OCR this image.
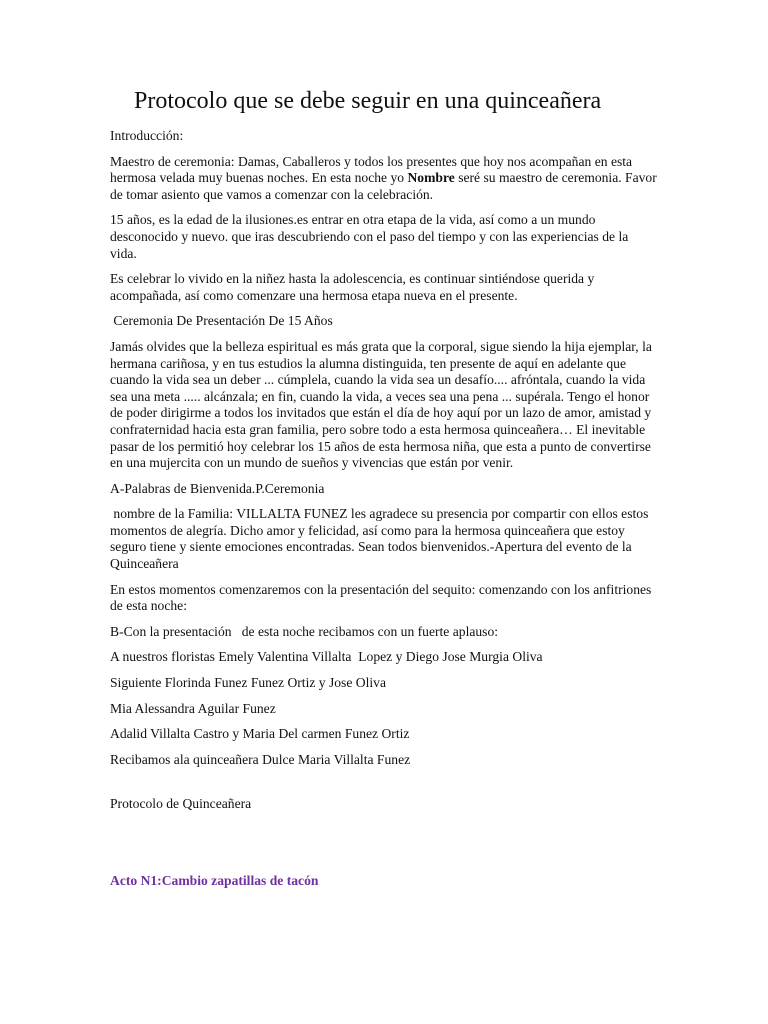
Protocolo que se debe seguir en una quinceañera

Introducción:

Maestro de ceremonia: Damas, Caballeros y todos los presentes que hoy nos acompañan en esta hermosa velada muy buenas noches. En esta noche yo Nombre seré su maestro de ceremonia. Favor de tomar asiento que vamos a comenzar con la celebración.

15 años, es la edad de la ilusiones.es entrar en otra etapa de la vida, así como a un mundo desconocido y nuevo. que iras descubriendo con el paso del tiempo y con las experiencias de la vida.

Es celebrar lo vivido en la niñez hasta la adolescencia, es continuar sintiéndose querida y acompañada, así como comenzare una hermosa etapa nueva en el presente.

Ceremonia De Presentación De 15 Años

Jamás olvides que la belleza espiritual es más grata que la corporal, sigue siendo la hija ejemplar, la hermana cariñosa, y en tus estudios la alumna distinguida, ten presente de aquí en adelante que cuando la vida sea un deber ... cúmplela, cuando la vida sea un desafío.... afróntala, cuando la vida sea una meta ..... alcánzala; en fin, cuando la vida, a veces sea una pena ... supérala. Tengo el honor de poder dirigirme a todos los invitados que están el día de hoy aquí por un lazo de amor, amistad y confraternidad hacia esta gran familia, pero sobre todo a esta hermosa quinceañera… El inevitable pasar de los permitió hoy celebrar los 15 años de esta hermosa niña, que esta a punto de convertirse en una mujercita con un mundo de sueños y vivencias que están por venir.

A-Palabras de Bienvenida.P.Ceremonia

nombre de la Familia: VILLALTA FUNEZ les agradece su presencia por compartir con ellos estos momentos de alegría. Dicho amor y felicidad, así como para la hermosa quinceañera que estoy seguro tiene y siente emociones encontradas. Sean todos bienvenidos.-Apertura del evento de la Quinceañera

En estos momentos comenzaremos con la presentación del sequito: comenzando con los anfitriones de esta noche:

B-Con la presentación   de esta noche recibamos con un fuerte aplauso:

A nuestros floristas Emely Valentina Villalta  Lopez y Diego Jose Murgia Oliva

Siguiente Florinda Funez Funez Ortiz y Jose Oliva

Mia Alessandra Aguilar Funez

Adalid Villalta Castro y Maria Del carmen Funez Ortiz

Recibamos ala quinceañera Dulce Maria Villalta Funez

Protocolo de Quinceañera

Acto N1:Cambio zapatillas de tacón
